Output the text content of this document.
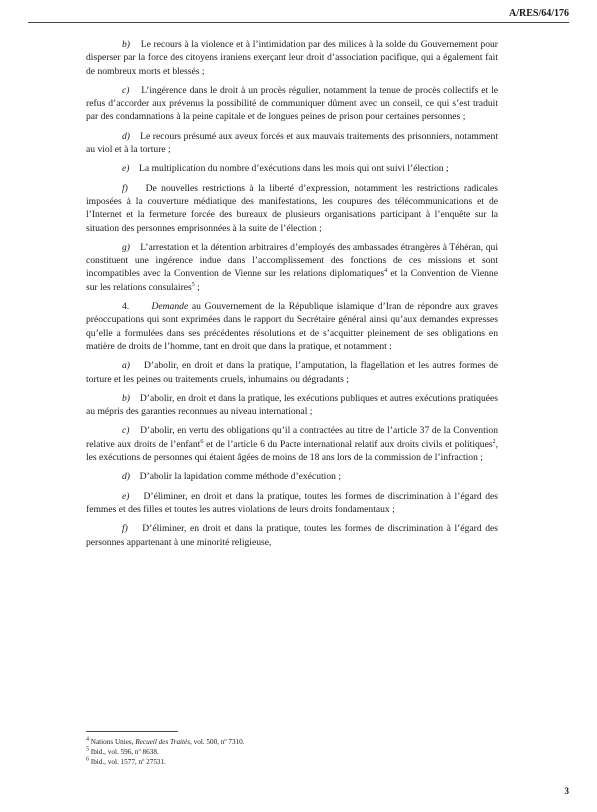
A/RES/64/176

b) Le recours à la violence et à l’intimidation par des milices à la solde du Gouvernement pour disperser par la force des citoyens iraniens exerçant leur droit d’association pacifique, qui a également fait de nombreux morts et blessés ;

c) L’ingérence dans le droit à un procès régulier, notamment la tenue de procès collectifs et le refus d’accorder aux prévenus la possibilité de communiquer dûment avec un conseil, ce qui s’est traduit par des condamnations à la peine capitale et de longues peines de prison pour certaines personnes ;

d) Le recours présumé aux aveux forcés et aux mauvais traitements des prisonniers, notamment au viol et à la torture ;

e) La multiplication du nombre d’exécutions dans les mois qui ont suivi l’élection ;

f) De nouvelles restrictions à la liberté d’expression, notamment les restrictions radicales imposées à la couverture médiatique des manifestations, les coupures des télécommunications et de l’Internet et la fermeture forcée des bureaux de plusieurs organisations participant à l’enquête sur la situation des personnes emprisonnées à la suite de l’élection ;

g) L’arrestation et la détention arbitraires d’employés des ambassades étrangères à Téhéran, qui constituent une ingérence indue dans l’accomplissement des fonctions de ces missions et sont incompatibles avec la Convention de Vienne sur les relations diplomatiques$^4$ et la Convention de Vienne sur les relations consulaires$^5$ ;

4. Demande au Gouvernement de la République islamique d’Iran de répondre aux graves préoccupations qui sont exprimées dans le rapport du Secrétaire général ainsi qu’aux demandes expresses qu’elle a formulées dans ses précédentes résolutions et de s’acquitter pleinement de ses obligations en matière de droits de l’homme, tant en droit que dans la pratique, et notamment :

a) D’abolir, en droit et dans la pratique, l’amputation, la flagellation et les autres formes de torture et les peines ou traitements cruels, inhumains ou dégradants ;

b) D’abolir, en droit et dans la pratique, les exécutions publiques et autres exécutions pratiquées au mépris des garanties reconnues au niveau international ;

c) D’abolir, en vertu des obligations qu’il a contractées au titre de l’article 37 de la Convention relative aux droits de l’enfant$^6$ et de l’article 6 du Pacte international relatif aux droits civils et politiques$^2$, les exécutions de personnes qui étaient âgées de moins de 18 ans lors de la commission de l’infraction ;

d) D’abolir la lapidation comme méthode d’exécution ;

e) D’éliminer, en droit et dans la pratique, toutes les formes de discrimination à l’égard des femmes et des filles et toutes les autres violations de leurs droits fondamentaux ;

f) D’éliminer, en droit et dans la pratique, toutes les formes de discrimination à l’égard des personnes appartenant à une minorité religieuse,

$^4$ Nations Unies, Recueil des Traités, vol. 500, nº 7310.

$^5$ Ibid., vol. 596, nº 8638.

$^6$ Ibid., vol. 1577, nº 27531.

3
